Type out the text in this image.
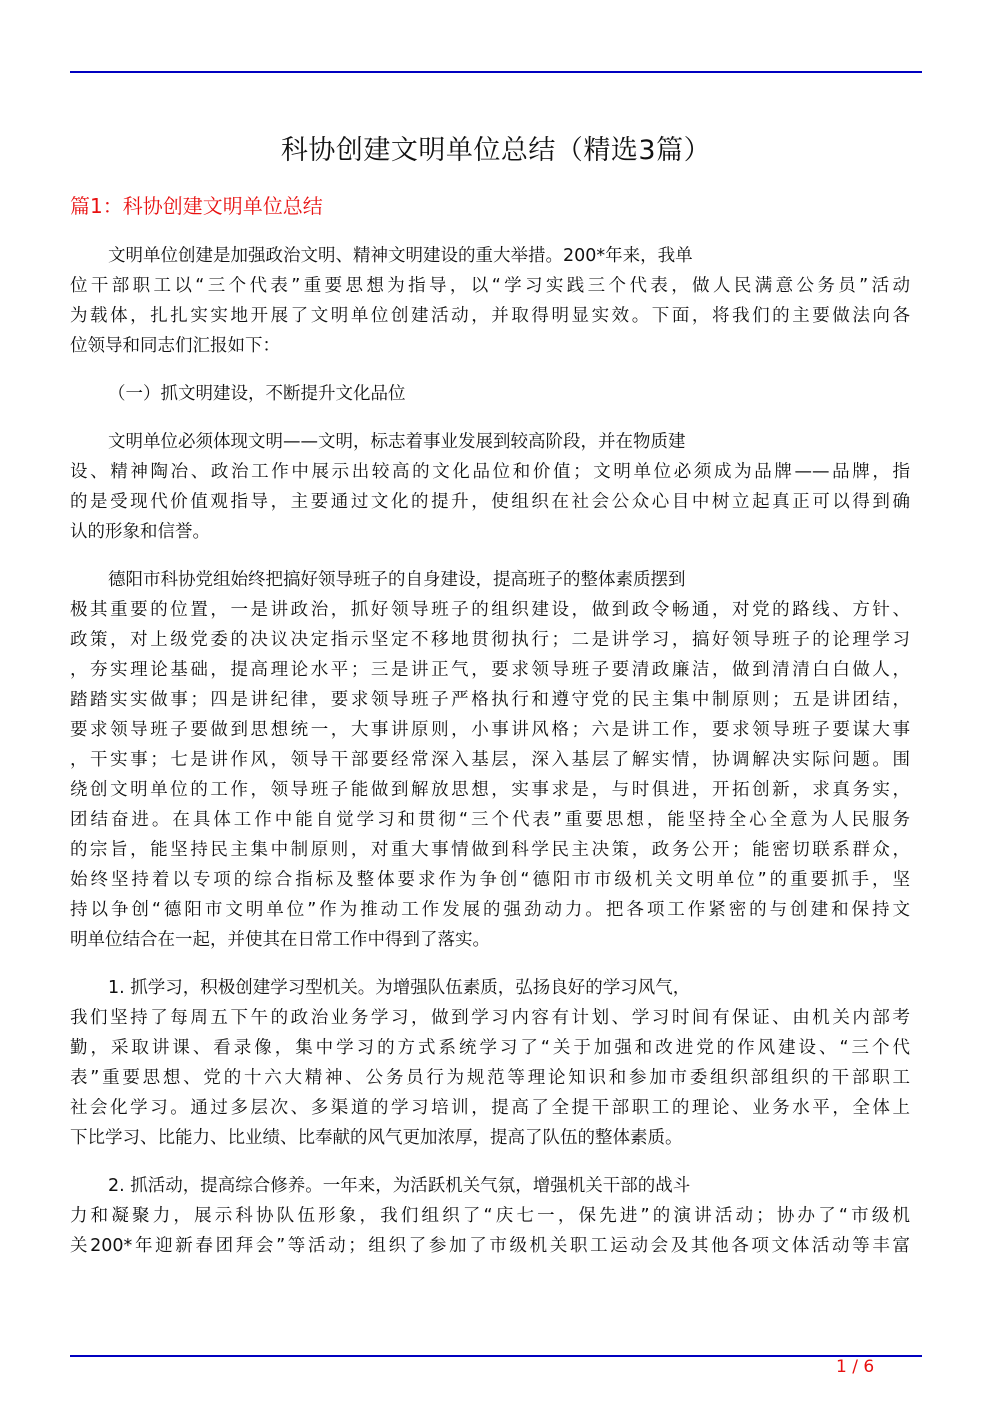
科协创建文明单位总结（精选3篇）
篇1：科协创建文明单位总结
文明单位创建是加强政治文明、精神文明建设的重大举措。200*年来，我单
位干部职工以“三个代表”重要思想为指导，以“学习实践三个代表，做人民满意公务员”活动
为载体，扎扎实实地开展了文明单位创建活动，并取得明显实效。下面，将我们的主要做法向各
位领导和同志们汇报如下：
（一）抓文明建设，不断提升文化品位
文明单位必须体现文明——文明，标志着事业发展到较高阶段，并在物质建
设、精神陶冶、政治工作中展示出较高的文化品位和价值；文明单位必须成为品牌——品牌，指
的是受现代价值观指导，主要通过文化的提升，使组织在社会公众心目中树立起真正可以得到确
认的形象和信誉。
德阳市科协党组始终把搞好领导班子的自身建设，提高班子的整体素质摆到
极其重要的位置，一是讲政治，抓好领导班子的组织建设，做到政令畅通，对党的路线、方针、
政策，对上级党委的决议决定指示坚定不移地贯彻执行；二是讲学习，搞好领导班子的论理学习
，夯实理论基础，提高理论水平；三是讲正气，要求领导班子要清政廉洁，做到清清白白做人，
踏踏实实做事；四是讲纪律，要求领导班子严格执行和遵守党的民主集中制原则；五是讲团结，
要求领导班子要做到思想统一，大事讲原则，小事讲风格；六是讲工作，要求领导班子要谋大事
，干实事；七是讲作风，领导干部要经常深入基层，深入基层了解实情，协调解决实际问题。围
绕创文明单位的工作，领导班子能做到解放思想，实事求是，与时俱进，开拓创新，求真务实，
团结奋进。在具体工作中能自觉学习和贯彻“三个代表”重要思想，能坚持全心全意为人民服务
的宗旨，能坚持民主集中制原则，对重大事情做到科学民主决策，政务公开；能密切联系群众，
始终坚持着以专项的综合指标及整体要求作为争创“德阳市市级机关文明单位”的重要抓手，坚
持以争创“德阳市文明单位”作为推动工作发展的强劲动力。把各项工作紧密的与创建和保持文
明单位结合在一起，并使其在日常工作中得到了落实。
1. 抓学习，积极创建学习型机关。为增强队伍素质，弘扬良好的学习风气，
我们坚持了每周五下午的政治业务学习，做到学习内容有计划、学习时间有保证、由机关内部考
勤，采取讲课、看录像，集中学习的方式系统学习了“关于加强和改进党的作风建设、“三个代
表”重要思想、党的十六大精神、公务员行为规范等理论知识和参加市委组织部组织的干部职工
社会化学习。通过多层次、多渠道的学习培训，提高了全提干部职工的理论、业务水平，全体上
下比学习、比能力、比业绩、比奉献的风气更加浓厚，提高了队伍的整体素质。
2. 抓活动，提高综合修养。一年来，为活跃机关气氛，增强机关干部的战斗
力和凝聚力，展示科协队伍形象，我们组织了“庆七一，保先进”的演讲活动；协办了“市级机
关200*年迎新春团拜会”等活动；组织了参加了市级机关职工运动会及其他各项文体活动等丰富
1 / 6
